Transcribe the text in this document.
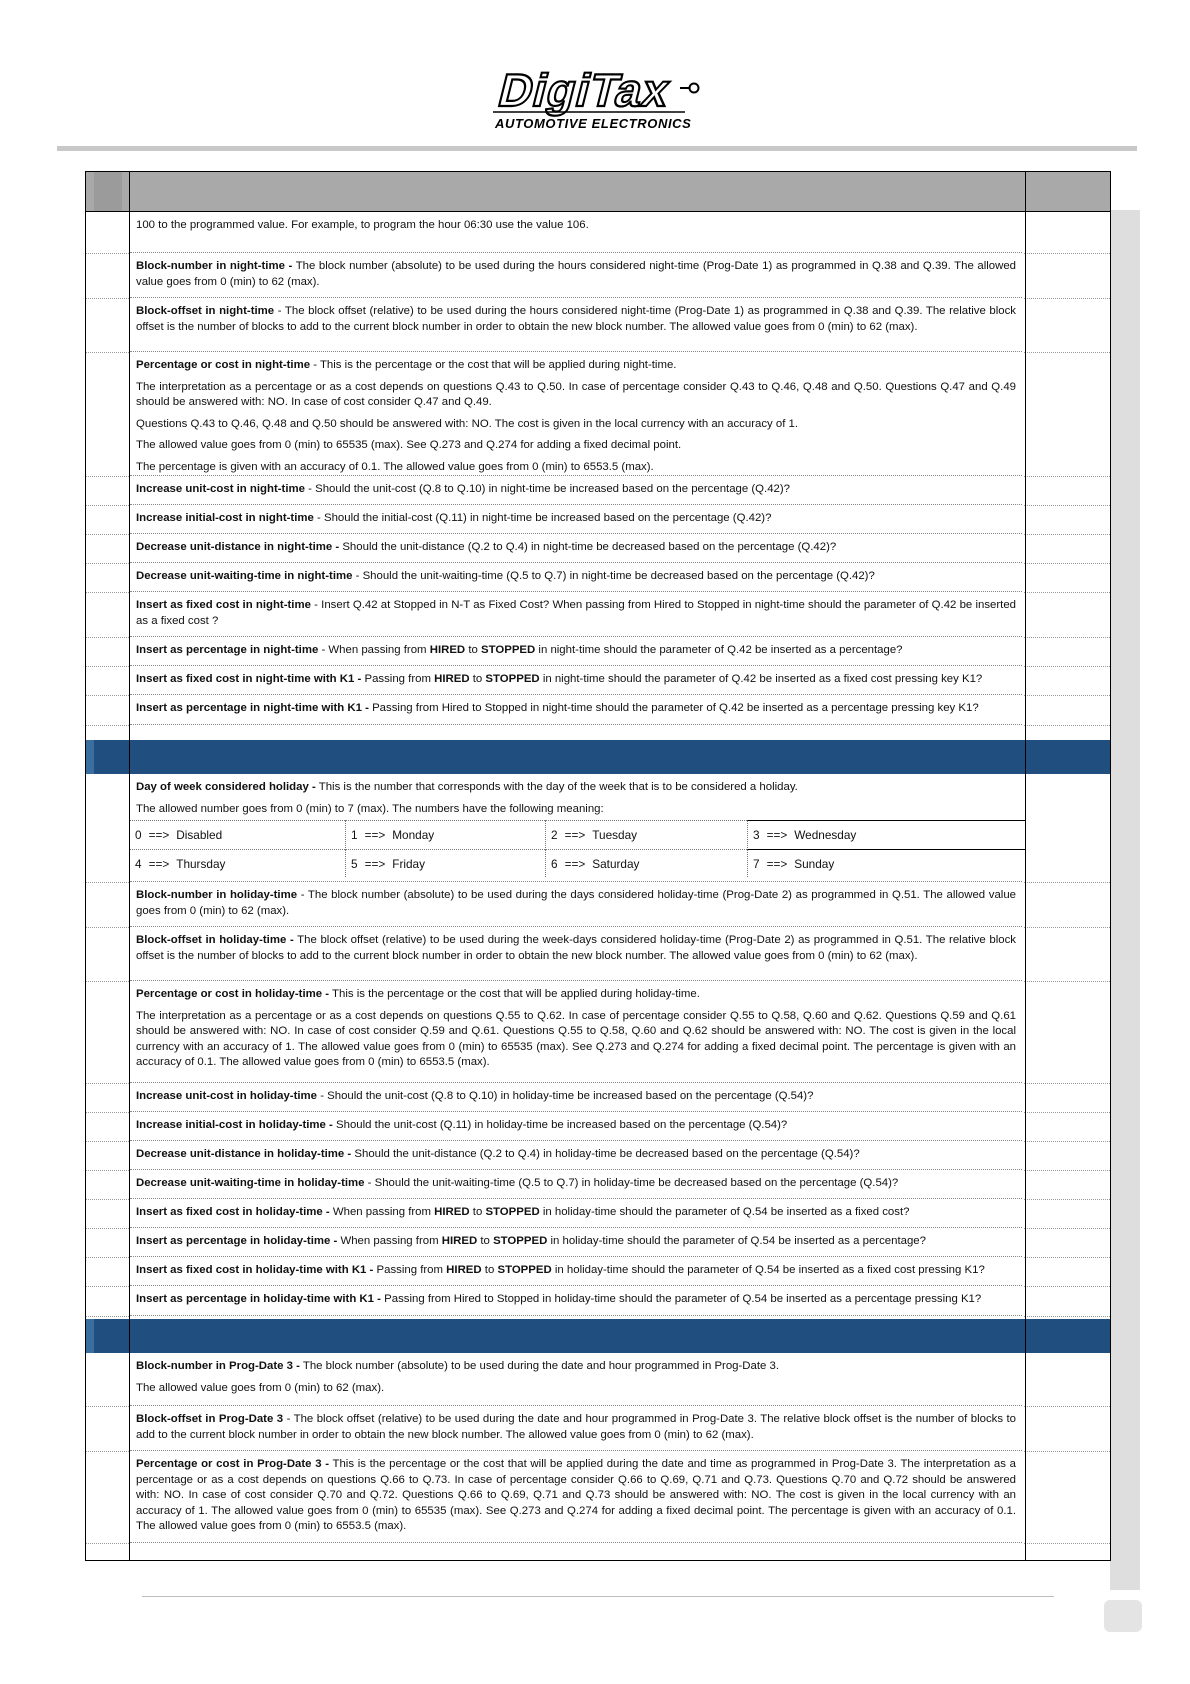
DigiTax
AUTOMOTIVE ELECTRONICS

100 to the programmed value. For example, to program the hour 06:30 use the value 106.

Block-number in night-time - The block number (absolute) to be used during the hours considered night-time (Prog-Date 1) as programmed in Q.38 and Q.39. The allowed value goes from 0 (min) to 62 (max).

Block-offset in night-time - The block offset (relative) to be used during the hours considered night-time (Prog-Date 1) as programmed in Q.38 and Q.39. The relative block offset is the number of blocks to add to the current block number in order to obtain the new block number. The allowed value goes from 0 (min) to 62 (max).

Percentage or cost in night-time - This is the percentage or the cost that will be applied during night-time.

The interpretation as a percentage or as a cost depends on questions Q.43 to Q.50. In case of percentage consider Q.43 to Q.46, Q.48 and Q.50. Questions Q.47 and Q.49 should be answered with: NO. In case of cost consider Q.47 and Q.49.

Questions Q.43 to Q.46, Q.48 and Q.50 should be answered with: NO. The cost is given in the local currency with an accuracy of 1.

The allowed value goes from 0 (min) to 65535 (max). See Q.273 and Q.274 for adding a fixed decimal point.

The percentage is given with an accuracy of 0.1. The allowed value goes from 0 (min) to 6553.5 (max).

Increase unit-cost in night-time - Should the unit-cost (Q.8 to Q.10) in night-time be increased based on the percentage (Q.42)?

Increase initial-cost in night-time - Should the initial-cost (Q.11) in night-time be increased based on the percentage (Q.42)?

Decrease unit-distance in night-time - Should the unit-distance (Q.2 to Q.4) in night-time be decreased based on the percentage (Q.42)?

Decrease unit-waiting-time in night-time - Should the unit-waiting-time (Q.5 to Q.7) in night-time be decreased based on the percentage (Q.42)?

Insert as fixed cost in night-time - Insert Q.42 at Stopped in N-T as Fixed Cost? When passing from Hired to Stopped in night-time should the parameter of Q.42 be inserted as a fixed cost ?

Insert as percentage in night-time - When passing from HIRED to STOPPED in night-time should the parameter of Q.42 be inserted as a percentage?

Insert as fixed cost in night-time with K1 - Passing from HIRED to STOPPED in night-time should the parameter of Q.42 be inserted as a fixed cost pressing key K1?

Insert as percentage in night-time with K1 - Passing from Hired to Stopped in night-time should the parameter of Q.42 be inserted as a percentage pressing key K1?

Day of week considered holiday - This is the number that corresponds with the day of the week that is to be considered a holiday.

The allowed number goes from 0 (min) to 7 (max). The numbers have the following meaning:

Block-number in holiday-time - The block number (absolute) to be used during the days considered holiday-time (Prog-Date 2) as programmed in Q.51. The allowed value goes from 0 (min) to 62 (max).

Block-offset in holiday-time - The block offset (relative) to be used during the week-days considered holiday-time (Prog-Date 2) as programmed in Q.51. The relative block offset is the number of blocks to add to the current block number in order to obtain the new block number. The allowed value goes from 0 (min) to 62 (max).

Percentage or cost in holiday-time - This is the percentage or the cost that will be applied during holiday-time.

The interpretation as a percentage or as a cost depends on questions Q.55 to Q.62. In case of percentage consider Q.55 to Q.58, Q.60 and Q.62. Questions Q.59 and Q.61 should be answered with: NO. In case of cost consider Q.59 and Q.61. Questions Q.55 to Q.58, Q.60 and Q.62 should be answered with: NO. The cost is given in the local currency with an accuracy of 1. The allowed value goes from 0 (min) to 65535 (max). See Q.273 and Q.274 for adding a fixed decimal point. The percentage is given with an accuracy of 0.1. The allowed value goes from 0 (min) to 6553.5 (max).

Increase unit-cost in holiday-time - Should the unit-cost (Q.8 to Q.10) in holiday-time be increased based on the percentage (Q.54)?

Increase initial-cost in holiday-time - Should the unit-cost (Q.11) in holiday-time be increased based on the percentage (Q.54)?

Decrease unit-distance in holiday-time - Should the unit-distance (Q.2 to Q.4) in holiday-time be decreased based on the percentage (Q.54)?

Decrease unit-waiting-time in holiday-time - Should the unit-waiting-time (Q.5 to Q.7) in holiday-time be decreased based on the percentage (Q.54)?

Insert as fixed cost in holiday-time - When passing from HIRED to STOPPED in holiday-time should the parameter of Q.54 be inserted as a fixed cost?

Insert as percentage in holiday-time - When passing from HIRED to STOPPED in holiday-time should the parameter of Q.54 be inserted as a percentage?

Insert as fixed cost in holiday-time with K1 - Passing from HIRED to STOPPED in holiday-time should the parameter of Q.54 be inserted as a fixed cost pressing K1?

Insert as percentage in holiday-time with K1 - Passing from Hired to Stopped in holiday-time should the parameter of Q.54 be inserted as a percentage pressing K1?

Block-number in Prog-Date 3 - The block number (absolute) to be used during the date and hour programmed in Prog-Date 3.

The allowed value goes from 0 (min) to 62 (max).

Block-offset in Prog-Date 3 - The block offset (relative) to be used during the date and hour programmed in Prog-Date 3. The relative block offset is the number of blocks to add to the current block number in order to obtain the new block number. The allowed value goes from 0 (min) to 62 (max).

Percentage or cost in Prog-Date 3 - This is the percentage or the cost that will be applied during the date and time as programmed in Prog-Date 3. The interpretation as a percentage or as a cost depends on questions Q.66 to Q.73. In case of percentage consider Q.66 to Q.69, Q.71 and Q.73. Questions Q.70 and Q.72 should be answered with: NO. In case of cost consider Q.70 and Q.72. Questions Q.66 to Q.69, Q.71 and Q.73 should be answered with: NO. The cost is given in the local currency with an accuracy of 1. The allowed value goes from 0 (min) to 65535 (max). See Q.273 and Q.274 for adding a fixed decimal point. The percentage is given with an accuracy of 0.1. The allowed value goes from 0 (min) to 6553.5 (max).

0 ==> Disabled	1 ==> Monday	2 ==> Tuesday	3 ==> Wednesday
4 ==> Thursday	5 ==> Friday	6 ==> Saturday	7 ==> Sunday
